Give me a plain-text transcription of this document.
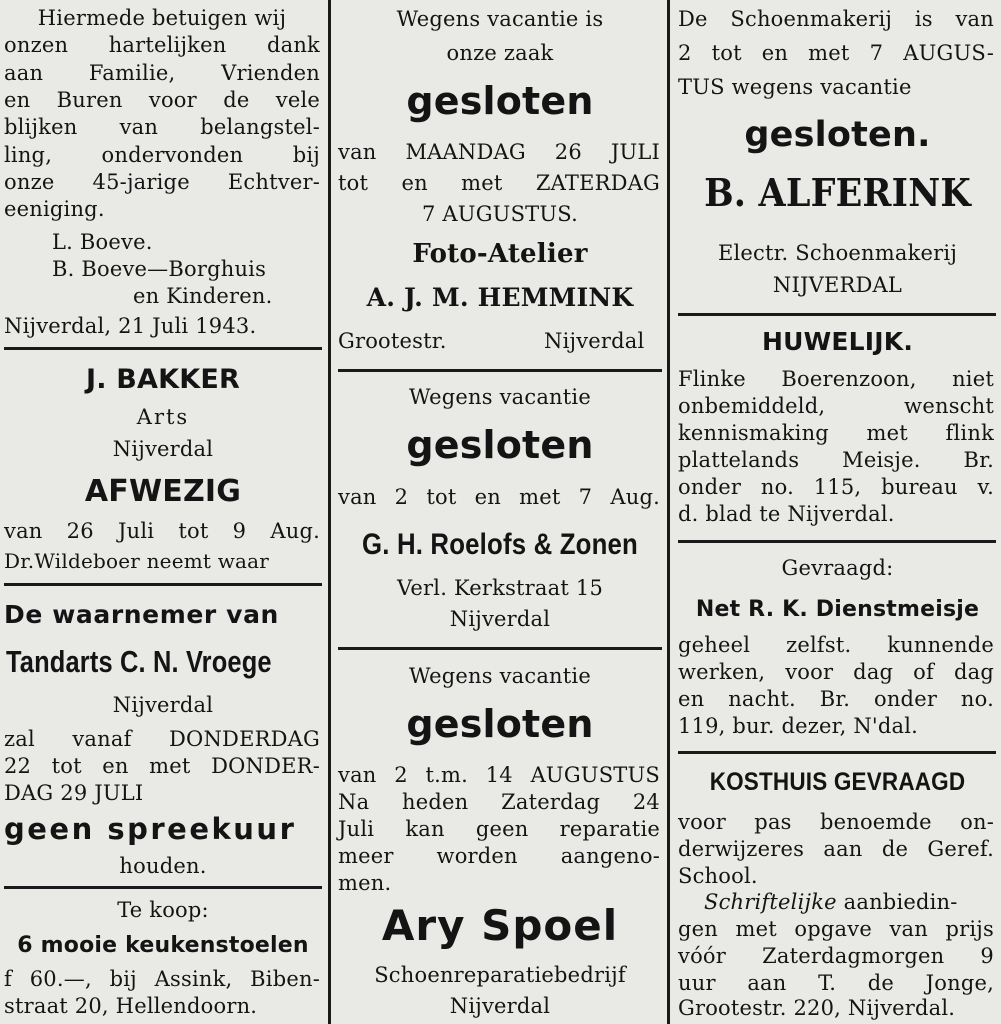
Hiermede betuigen wij
onzen hartelijken dank
aan Familie, Vrienden
en Buren voor de vele
blijken van belangstel-
ling, ondervonden bij
onze 45-jarige Echtver-
eeniging.
L. Boeve.
B. Boeve—Borghuis
en Kinderen.
Nijverdal, 21 Juli 1943.
J. BAKKER
Arts
Nijverdal
AFWEZIG
van 26 Juli tot 9 Aug.
Dr.Wildeboer neemt waar
De waarnemer van
Tandarts C. N. Vroege
Nijverdal
zal vanaf DONDERDAG
22 tot en met DONDER-
DAG 29 JULI
geen spreekuur
houden.
Te koop:
6 mooie keukenstoelen
f 60.—, bij Assink, Biben-
straat 20, Hellendoorn.
Wegens vacantie is
onze zaak
gesloten
van MAANDAG 26 JULI
tot en met ZATERDAG
7 AUGUSTUS.
Foto-Atelier
A. J. M. HEMMINK
Grootestr.	Nijverdal
Wegens vacantie
gesloten
van 2 tot en met 7 Aug.
G. H. Roelofs & Zonen
Verl. Kerkstraat 15
Nijverdal
Wegens vacantie
gesloten
van 2 t.m. 14 AUGUSTUS
Na heden Zaterdag 24
Juli kan geen reparatie
meer worden aangeno-
men.
Ary Spoel
Schoenreparatiebedrijf
Nijverdal
De Schoenmakerij is van
2 tot en met 7 AUGUS-
TUS wegens vacantie
gesloten.
B. ALFERINK
Electr. Schoenmakerij
NIJVERDAL
HUWELIJK.
Flinke Boerenzoon, niet
onbemiddeld, wenscht
kennismaking met flink
plattelands Meisje. Br.
onder no. 115, bureau v.
d. blad te Nijverdal.
Gevraagd:
Net R. K. Dienstmeisje
geheel zelfst. kunnende
werken, voor dag of dag
en nacht. Br. onder no.
119, bur. dezer, N'dal.
KOSTHUIS GEVRAAGD
voor pas benoemde on-
derwijzeres aan de Geref.
School.
Schriftelijke aanbiedin-
gen met opgave van prijs
vóór Zaterdagmorgen 9
uur aan T. de Jonge,
Grootestr. 220, Nijverdal.
